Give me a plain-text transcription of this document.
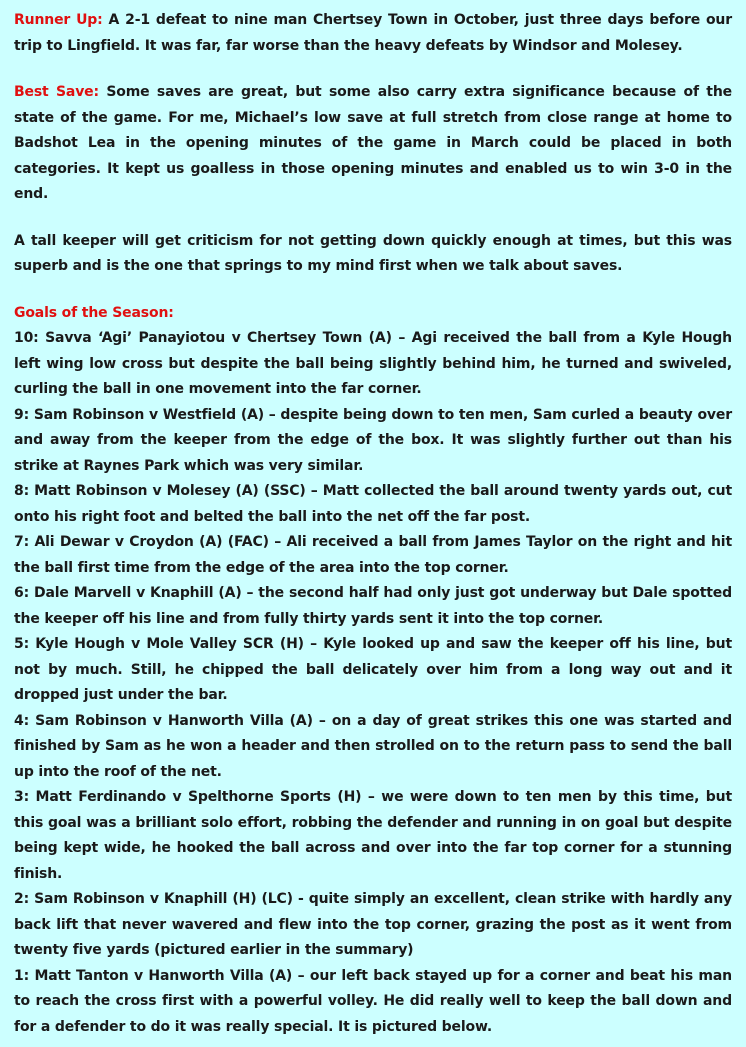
Runner Up: A 2-1 defeat to nine man Chertsey Town in October, just three days before our trip to Lingfield. It was far, far worse than the heavy defeats by Windsor and Molesey.

Best Save: Some saves are great, but some also carry extra significance because of the state of the game. For me, Michael’s low save at full stretch from close range at home to Badshot Lea in the opening minutes of the game in March could be placed in both categories. It kept us goalless in those opening minutes and enabled us to win 3-0 in the end.

A tall keeper will get criticism for not getting down quickly enough at times, but this was superb and is the one that springs to my mind first when we talk about saves.

Goals of the Season:

10: Savva ‘Agi’ Panayiotou v Chertsey Town (A) – Agi received the ball from a Kyle Hough left wing low cross but despite the ball being slightly behind him, he turned and swiveled, curling the ball in one movement into the far corner.

9: Sam Robinson v Westfield (A) – despite being down to ten men, Sam curled a beauty over and away from the keeper from the edge of the box. It was slightly further out than his strike at Raynes Park which was very similar.

8: Matt Robinson v Molesey (A) (SSC) – Matt collected the ball around twenty yards out, cut onto his right foot and belted the ball into the net off the far post.

7: Ali Dewar v Croydon (A) (FAC) – Ali received a ball from James Taylor on the right and hit the ball first time from the edge of the area into the top corner.

6: Dale Marvell v Knaphill (A) – the second half had only just got underway but Dale spotted the keeper off his line and from fully thirty yards sent it into the top corner.

5: Kyle Hough v Mole Valley SCR (H) – Kyle looked up and saw the keeper off his line, but not by much. Still, he chipped the ball delicately over him from a long way out and it dropped just under the bar.

4: Sam Robinson v Hanworth Villa (A) – on a day of great strikes this one was started and finished by Sam as he won a header and then strolled on to the return pass to send the ball up into the roof of the net.

3: Matt Ferdinando v Spelthorne Sports (H) – we were down to ten men by this time, but this goal was a brilliant solo effort, robbing the defender and running in on goal but despite being kept wide, he hooked the ball across and over into the far top corner for a stunning finish.

2: Sam Robinson v Knaphill (H) (LC) - quite simply an excellent, clean strike with hardly any back lift that never wavered and flew into the top corner, grazing the post as it went from twenty five yards (pictured earlier in the summary)

1: Matt Tanton v Hanworth Villa (A) – our left back stayed up for a corner and beat his man to reach the cross first with a powerful volley. He did really well to keep the ball down and for a defender to do it was really special. It is pictured below.
